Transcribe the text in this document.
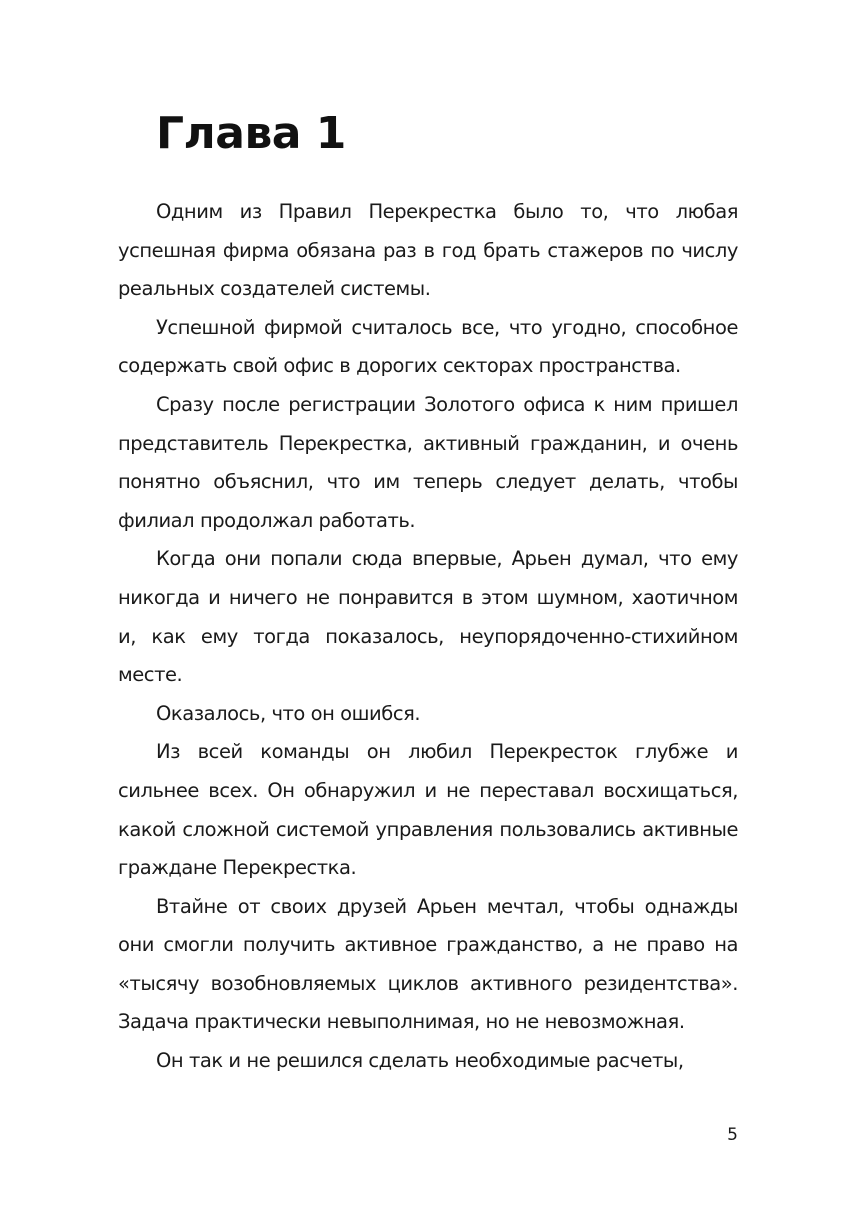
Глава 1

Одним из Правил Перекрестка было то, что любая успешная фирма обязана раз в год брать стажеров по числу реальных создателей системы.

Успешной фирмой считалось все, что угодно, способное содержать свой офис в дорогих секторах пространства.

Сразу после регистрации Золотого офиса к ним пришел представитель Перекрестка, активный гражданин, и очень понятно объяснил, что им теперь следует делать, чтобы филиал продолжал работать.

Когда они попали сюда впервые, Арьен думал, что ему никогда и ничего не понравится в этом шумном, хаотичном и, как ему тогда показалось, неупорядоченно-стихийном месте.

Оказалось, что он ошибся.

Из всей команды он любил Перекресток глубже и сильнее всех. Он обнаружил и не переставал восхищаться, какой сложной системой управления пользовались активные граждане Перекрестка.

Втайне от своих друзей Арьен мечтал, чтобы однажды они смогли получить активное гражданство, а не право на «тысячу возобновляемых циклов активного резидентства». Задача практически невыполнимая, но не невозможная.

Он так и не решился сделать необходимые расчеты,

5
